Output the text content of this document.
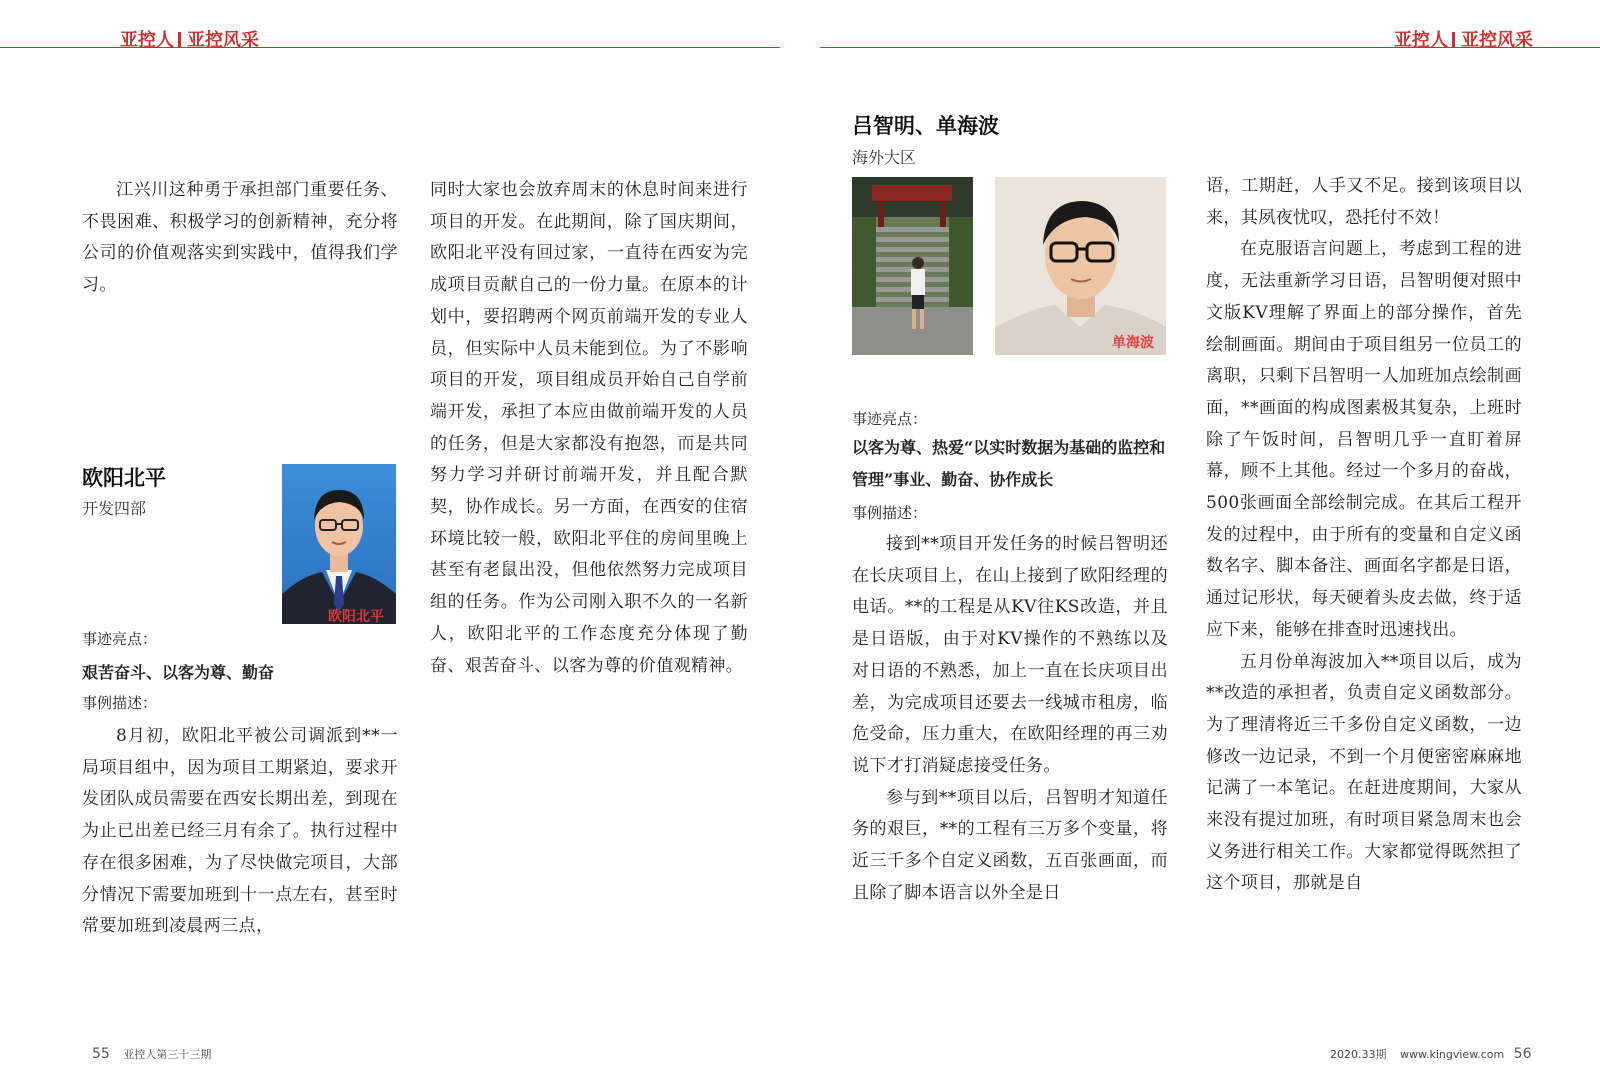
亚控人 亚控风采	亚控人 亚控风采

江兴川这种勇于承担部门重要任务、不畏困难、积极学习的创新精神，充分将公司的价值观落实到实践中，值得我们学习。

欧阳北平
开发四部
欧阳北平
事迹亮点：
艰苦奋斗、以客为尊、勤奋
事例描述：

8月初，欧阳北平被公司调派到**一局项目组中，因为项目工期紧迫，要求开发团队成员需要在西安长期出差，到现在为止已出差已经三月有余了。执行过程中存在很多困难，为了尽快做完项目，大部分情况下需要加班到十一点左右，甚至时常要加班到凌晨两三点，

同时大家也会放弃周末的休息时间来进行项目的开发。在此期间，除了国庆期间，欧阳北平没有回过家，一直待在西安为完成项目贡献自己的一份力量。在原本的计划中，要招聘两个网页前端开发的专业人员，但实际中人员未能到位。为了不影响项目的开发，项目组成员开始自己自学前端开发，承担了本应由做前端开发的人员的任务，但是大家都没有抱怨，而是共同努力学习并研讨前端开发，并且配合默契，协作成长。另一方面，在西安的住宿环境比较一般，欧阳北平住的房间里晚上甚至有老鼠出没，但他依然努力完成项目组的任务。作为公司刚入职不久的一名新人，欧阳北平的工作态度充分体现了勤奋、艰苦奋斗、以客为尊的价值观精神。

吕智明、单海波
海外大区
单海波
事迹亮点：
以客为尊、热爱“以实时数据为基础的监控和管理”事业、勤奋、协作成长
事例描述：

接到**项目开发任务的时候吕智明还在长庆项目上，在山上接到了欧阳经理的电话。**的工程是从KV往KS改造，并且是日语版，由于对KV操作的不熟练以及对日语的不熟悉，加上一直在长庆项目出差，为完成项目还要去一线城市租房，临危受命，压力重大，在欧阳经理的再三劝说下才打消疑虑接受任务。

参与到**项目以后，吕智明才知道任务的艰巨，**的工程有三万多个变量，将近三千多个自定义函数，五百张画面，而且除了脚本语言以外全是日

语，工期赶，人手又不足。接到该项目以来，其夙夜忧叹，恐托付不效！

在克服语言问题上，考虑到工程的进度，无法重新学习日语，吕智明便对照中文版KV理解了界面上的部分操作，首先绘制画面。期间由于项目组另一位员工的离职，只剩下吕智明一人加班加点绘制画面，**画面的构成图素极其复杂，上班时除了午饭时间，吕智明几乎一直盯着屏幕，顾不上其他。经过一个多月的奋战，500张画面全部绘制完成。在其后工程开发的过程中，由于所有的变量和自定义函数名字、脚本备注、画面名字都是日语，通过记形状，每天硬着头皮去做，终于适应下来，能够在排查时迅速找出。

五月份单海波加入**项目以后，成为**改造的承担者，负责自定义函数部分。为了理清将近三千多份自定义函数，一边修改一边记录，不到一个月便密密麻麻地记满了一本笔记。在赶进度期间，大家从来没有提过加班，有时项目紧急周末也会义务进行相关工作。大家都觉得既然担了这个项目，那就是自

55 亚控人第三十三期	2020.33期 www.kingview.com 56
